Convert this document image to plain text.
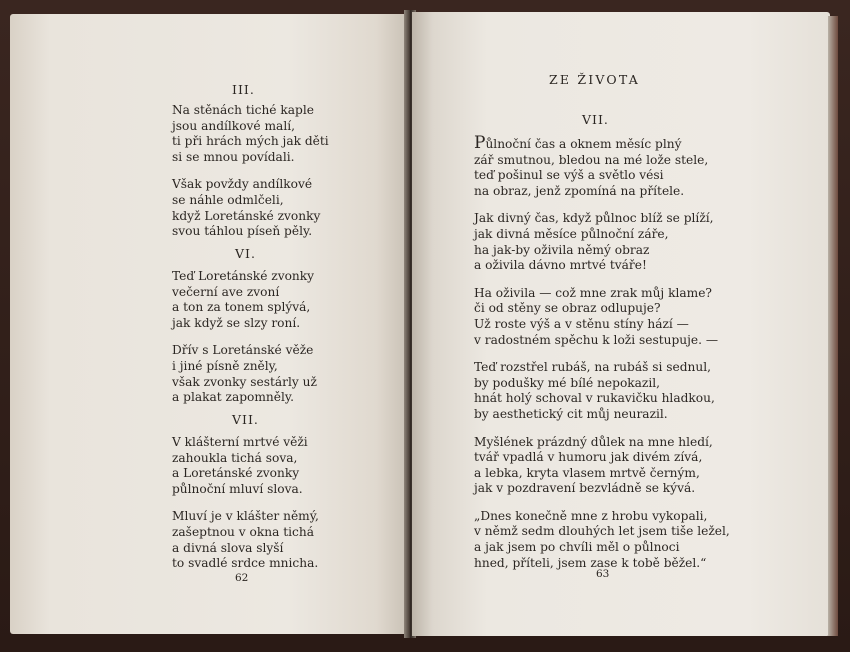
III.
Na stěnách tiché kaple
jsou andílkové malí,
ti při hrách mých jak děti
si se mnou povídali.
Však povždy andílkové
se náhle odmlčeli,
když Loretánské zvonky
svou táhlou píseň pěly.
VI.
Teď Loretánské zvonky
večerní ave zvoní
a ton za tonem splývá,
jak když se slzy roní.
Dřív s Loretánské věže
i jiné písně zněly,
však zvonky sestárly už
a plakat zapomněly.
VII.
V klášterní mrtvé věži
zahoukla tichá sova,
a Loretánské zvonky
půlnoční mluví slova.
Mluví je v klášter němý,
zašeptnou v okna tichá
a divná slova slyší
to svadlé srdce mnicha.
62
ZE ŽIVOTA
VII.
Půlnoční čas a oknem měsíc plný
zář smutnou, bledou na mé lože stele,
teď pošinul se výš a světlo vési
na obraz, jenž zpomíná na přítele.
Jak divný čas, když půlnoc blíž se plíží,
jak divná měsíce půlnoční záře,
ha jak-by oživila němý obraz
a oživila dávno mrtvé tváře!
Ha oživila — což mne zrak můj klame?
či od stěny se obraz odlupuje?
Už roste výš a v stěnu stíny hází —
v radostném spěchu k loži sestupuje. —
Teď rozstřel rubáš, na rubáš si sednul,
by podušky mé bílé nepokazil,
hnát holý schoval v rukavičku hladkou,
by aesthetický cit můj neurazil.
Myšlének prázdný důlek na mne hledí,
tvář vpadlá v humoru jak divém zívá,
a lebka, kryta vlasem mrtvě černým,
jak v pozdravení bezvládně se kývá.
„Dnes konečně mne z hrobu vykopali,
v němž sedm dlouhých let jsem tiše ležel,
a jak jsem po chvíli měl o půlnoci
hned, příteli, jsem zase k tobě běžel.“
63
